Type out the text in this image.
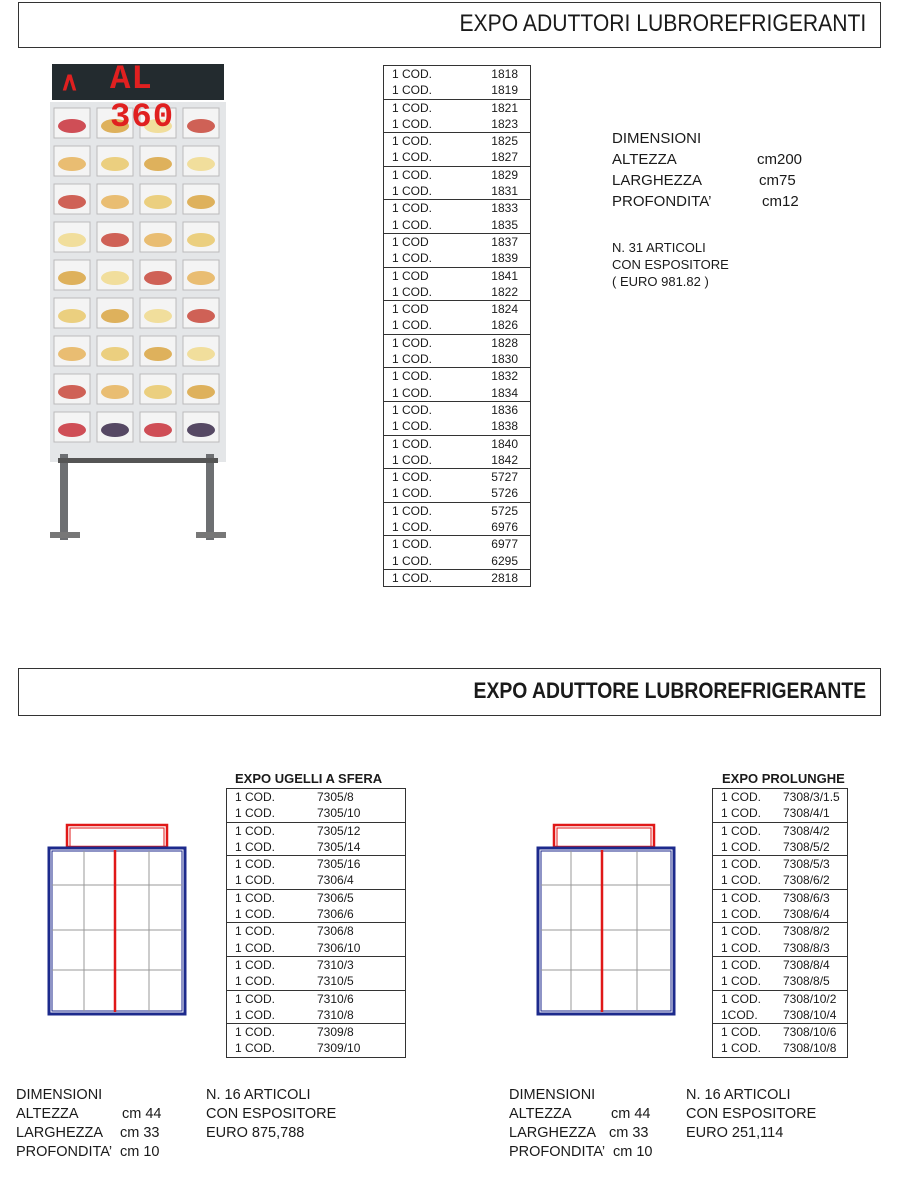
EXPO ADUTTORI LUBROREFRIGERANTI
∧ AL 360
1 COD.	1818
1 COD.	1819
1 COD.	1821
1 COD.	1823
1 COD.	1825
1 COD.	1827
1 COD.	1829
1 COD.	1831
1 COD.	1833
1 COD.	1835
1 COD	1837
1 COD.	1839
1 COD	1841
1 COD.	1822
1 COD	1824
1 COD.	1826
1 COD.	1828
1 COD.	1830
1 COD.	1832
1 COD.	1834
1 COD.	1836
1 COD.	1838
1 COD.	1840
1 COD.	1842
1 COD.	5727
1 COD.	5726
1 COD.	5725
1 COD.	6976
1 COD.	6977
1 COD.	6295
1 COD.	2818
DIMENSIONI
ALTEZZA	cm200
LARGHEZZA	cm75
PROFONDITA’	cm12
N. 31 ARTICOLI
CON ESPOSITORE
( EURO 981.82 )
EXPO ADUTTORE LUBROREFRIGERANTE
EXPO UGELLI A SFERA
1 COD.	7305/8
1 COD.	7305/10
1 COD.	7305/12
1 COD.	7305/14
1 COD.	7305/16
1 COD.	7306/4
1 COD.	7306/5
1 COD.	7306/6
1 COD.	7306/8
1 COD.	7306/10
1 COD.	7310/3
1 COD.	7310/5
1 COD.	7310/6
1 COD.	7310/8
1 COD.	7309/8
1 COD.	7309/10
EXPO PROLUNGHE
1 COD. 7308/3/1.5
1 COD. 7308/4/1
1 COD. 7308/4/2
1 COD. 7308/5/2
1 COD. 7308/5/3
1 COD. 7308/6/2
1 COD. 7308/6/3
1 COD. 7308/6/4
1 COD. 7308/8/2
1 COD. 7308/8/3
1 COD. 7308/8/4
1 COD. 7308/8/5
1 COD. 7308/10/2
1COD. 7308/10/4
1 COD. 7308/10/6
1 COD. 7308/10/8
DIMENSIONI
ALTEZZA	cm 44
LARGHEZZA cm 33
PROFONDITA’ cm 10
N. 16 ARTICOLI
CON ESPOSITORE
EURO 875,788
DIMENSIONI
ALTEZZA	cm 44
LARGHEZZA cm 33
PROFONDITA’ cm 10
N. 16 ARTICOLI
CON ESPOSITORE
EURO 251,114
